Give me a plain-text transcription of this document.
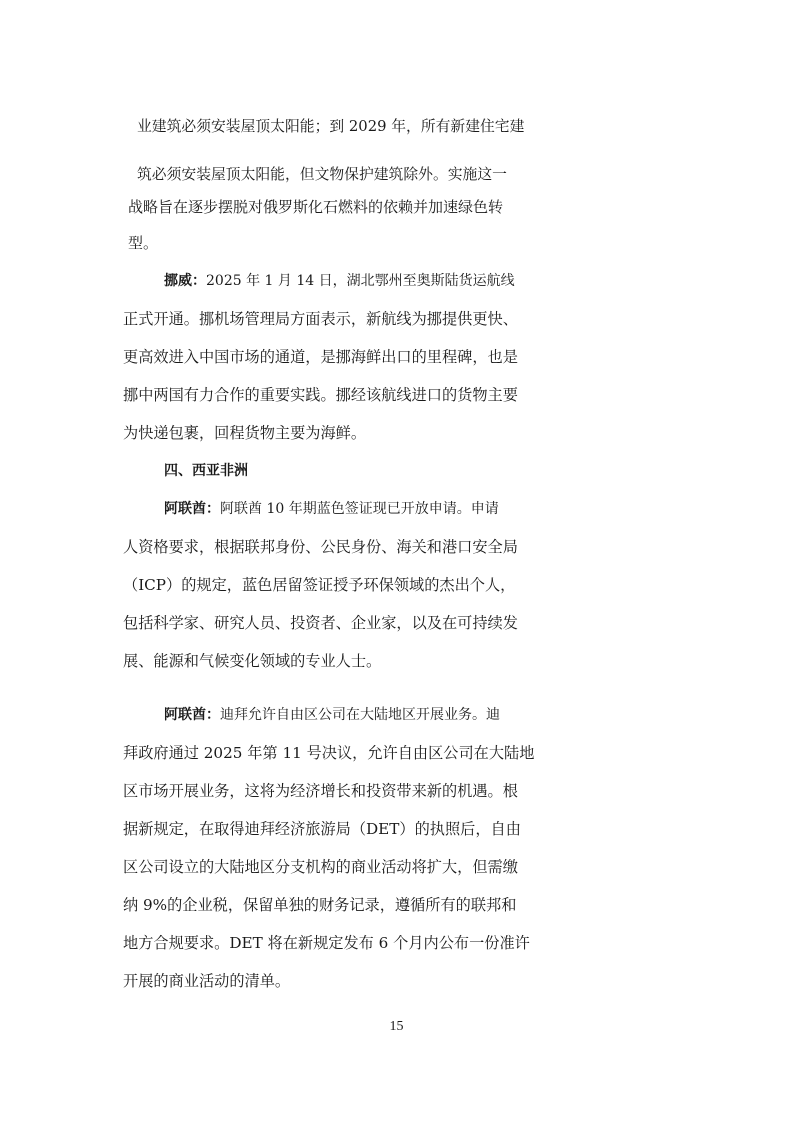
业建筑必须安装屋顶太阳能；到 2029 年，所有新建住宅建
筑必须安装屋顶太阳能，但文物保护建筑除外。实施这一
战略旨在逐步摆脱对俄罗斯化石燃料的依赖并加速绿色转
型。
挪威：2025 年 1 月 14 日，湖北鄂州至奥斯陆货运航线
正式开通。挪机场管理局方面表示，新航线为挪提供更快、
更高效进入中国市场的通道，是挪海鲜出口的里程碑，也是
挪中两国有力合作的重要实践。挪经该航线进口的货物主要
为快递包裹，回程货物主要为海鲜。
四、西亚非洲
阿联酋：阿联酋 10 年期蓝色签证现已开放申请。申请
人资格要求，根据联邦身份、公民身份、海关和港口安全局
（ICP）的规定，蓝色居留签证授予环保领域的杰出个人，
包括科学家、研究人员、投资者、企业家，以及在可持续发
展、能源和气候变化领域的专业人士。
阿联酋：迪拜允许自由区公司在大陆地区开展业务。迪
拜政府通过 2025 年第 11 号决议，允许自由区公司在大陆地
区市场开展业务，这将为经济增长和投资带来新的机遇。根
据新规定，在取得迪拜经济旅游局（DET）的执照后，自由
区公司设立的大陆地区分支机构的商业活动将扩大，但需缴
纳 9%的企业税，保留单独的财务记录，遵循所有的联邦和
地方合规要求。DET 将在新规定发布 6 个月内公布一份准许
开展的商业活动的清单。
15
